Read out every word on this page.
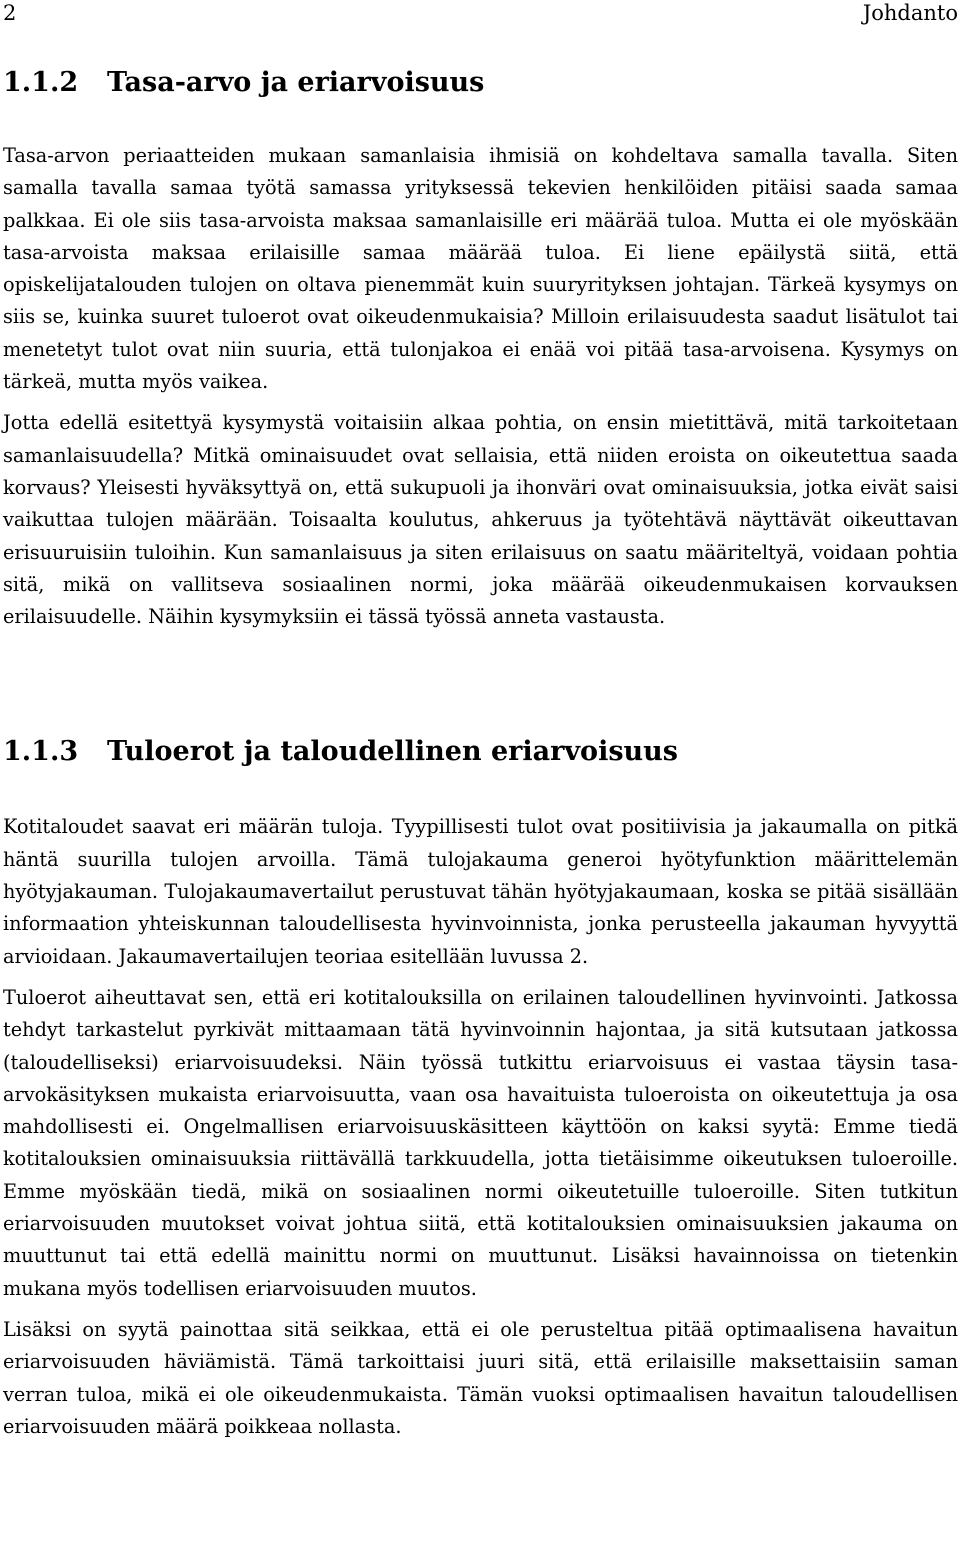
2	Johdanto
1.1.2	Tasa-arvo ja eriarvoisuus

Tasa-arvon periaatteiden mukaan samanlaisia ihmisiä on kohdeltava samalla tavalla. Siten samalla tavalla samaa työtä samassa yrityksessä tekevien henkilöiden pitäisi saada samaa palkkaa. Ei ole siis tasa-arvoista maksaa samanlaisille eri määrää tuloa. Mutta ei ole myöskään tasa-arvoista maksaa erilaisille samaa määrää tuloa. Ei liene epäilystä siitä, että opiskelijatalouden tulojen on oltava pienemmät kuin suuryrityksen johtajan. Tärkeä kysymys on siis se, kuinka suuret tuloerot ovat oikeudenmukaisia? Milloin erilaisuudesta saadut lisätulot tai menetetyt tulot ovat niin suuria, että tulonjakoa ei enää voi pitää tasa-arvoisena. Kysymys on tärkeä, mutta myös vaikea.

Jotta edellä esitettyä kysymystä voitaisiin alkaa pohtia, on ensin mietittävä, mitä tarkoitetaan samanlaisuudella? Mitkä ominaisuudet ovat sellaisia, että niiden eroista on oikeutettua saada korvaus? Yleisesti hyväksyttyä on, että sukupuoli ja ihonväri ovat ominaisuuksia, jotka eivät saisi vaikuttaa tulojen määrään. Toisaalta koulutus, ahkeruus ja työtehtävä näyttävät oikeuttavan erisuuruisiin tuloihin. Kun samanlaisuus ja siten erilaisuus on saatu määriteltyä, voidaan pohtia sitä, mikä on vallitseva sosiaalinen normi, joka määrää oikeudenmukaisen korvauksen erilaisuudelle. Näihin kysymyksiin ei tässä työssä anneta vastausta.

1.1.3	Tuloerot ja taloudellinen eriarvoisuus

Kotitaloudet saavat eri määrän tuloja. Tyypillisesti tulot ovat positiivisia ja jakaumalla on pitkä häntä suurilla tulojen arvoilla. Tämä tulojakauma generoi hyötyfunktion määrittelemän hyötyjakauman. Tulojakaumavertailut perustuvat tähän hyötyjakaumaan, koska se pitää sisällään informaation yhteiskunnan taloudellisesta hyvinvoinnista, jonka perusteella jakauman hyvyyttä arvioidaan. Jakaumavertailujen teoriaa esitellään luvussa 2.

Tuloerot aiheuttavat sen, että eri kotitalouksilla on erilainen taloudellinen hyvinvointi. Jatkossa tehdyt tarkastelut pyrkivät mittaamaan tätä hyvinvoinnin hajontaa, ja sitä kutsutaan jatkossa (taloudelliseksi) eriarvoisuudeksi. Näin työssä tutkittu eriarvoisuus ei vastaa täysin tasa-arvokäsityksen mukaista eriarvoisuutta, vaan osa havaituista tuloeroista on oikeutettuja ja osa mahdollisesti ei. Ongelmallisen eriarvoisuuskäsitteen käyttöön on kaksi syytä: Emme tiedä kotitalouksien ominaisuuksia riittävällä tarkkuudella, jotta tietäisimme oikeutuksen tuloeroille. Emme myöskään tiedä, mikä on sosiaalinen normi oikeutetuille tuloeroille. Siten tutkitun eriarvoisuuden muutokset voivat johtua siitä, että kotitalouksien ominaisuuksien jakauma on muuttunut tai että edellä mainittu normi on muuttunut. Lisäksi havainnoissa on tietenkin mukana myös todellisen eriarvoisuuden muutos.

Lisäksi on syytä painottaa sitä seikkaa, että ei ole perusteltua pitää optimaalisena havaitun eriarvoisuuden häviämistä. Tämä tarkoittaisi juuri sitä, että erilaisille maksettaisiin saman verran tuloa, mikä ei ole oikeudenmukaista. Tämän vuoksi optimaalisen havaitun taloudellisen eriarvoisuuden määrä poikkeaa nollasta.
